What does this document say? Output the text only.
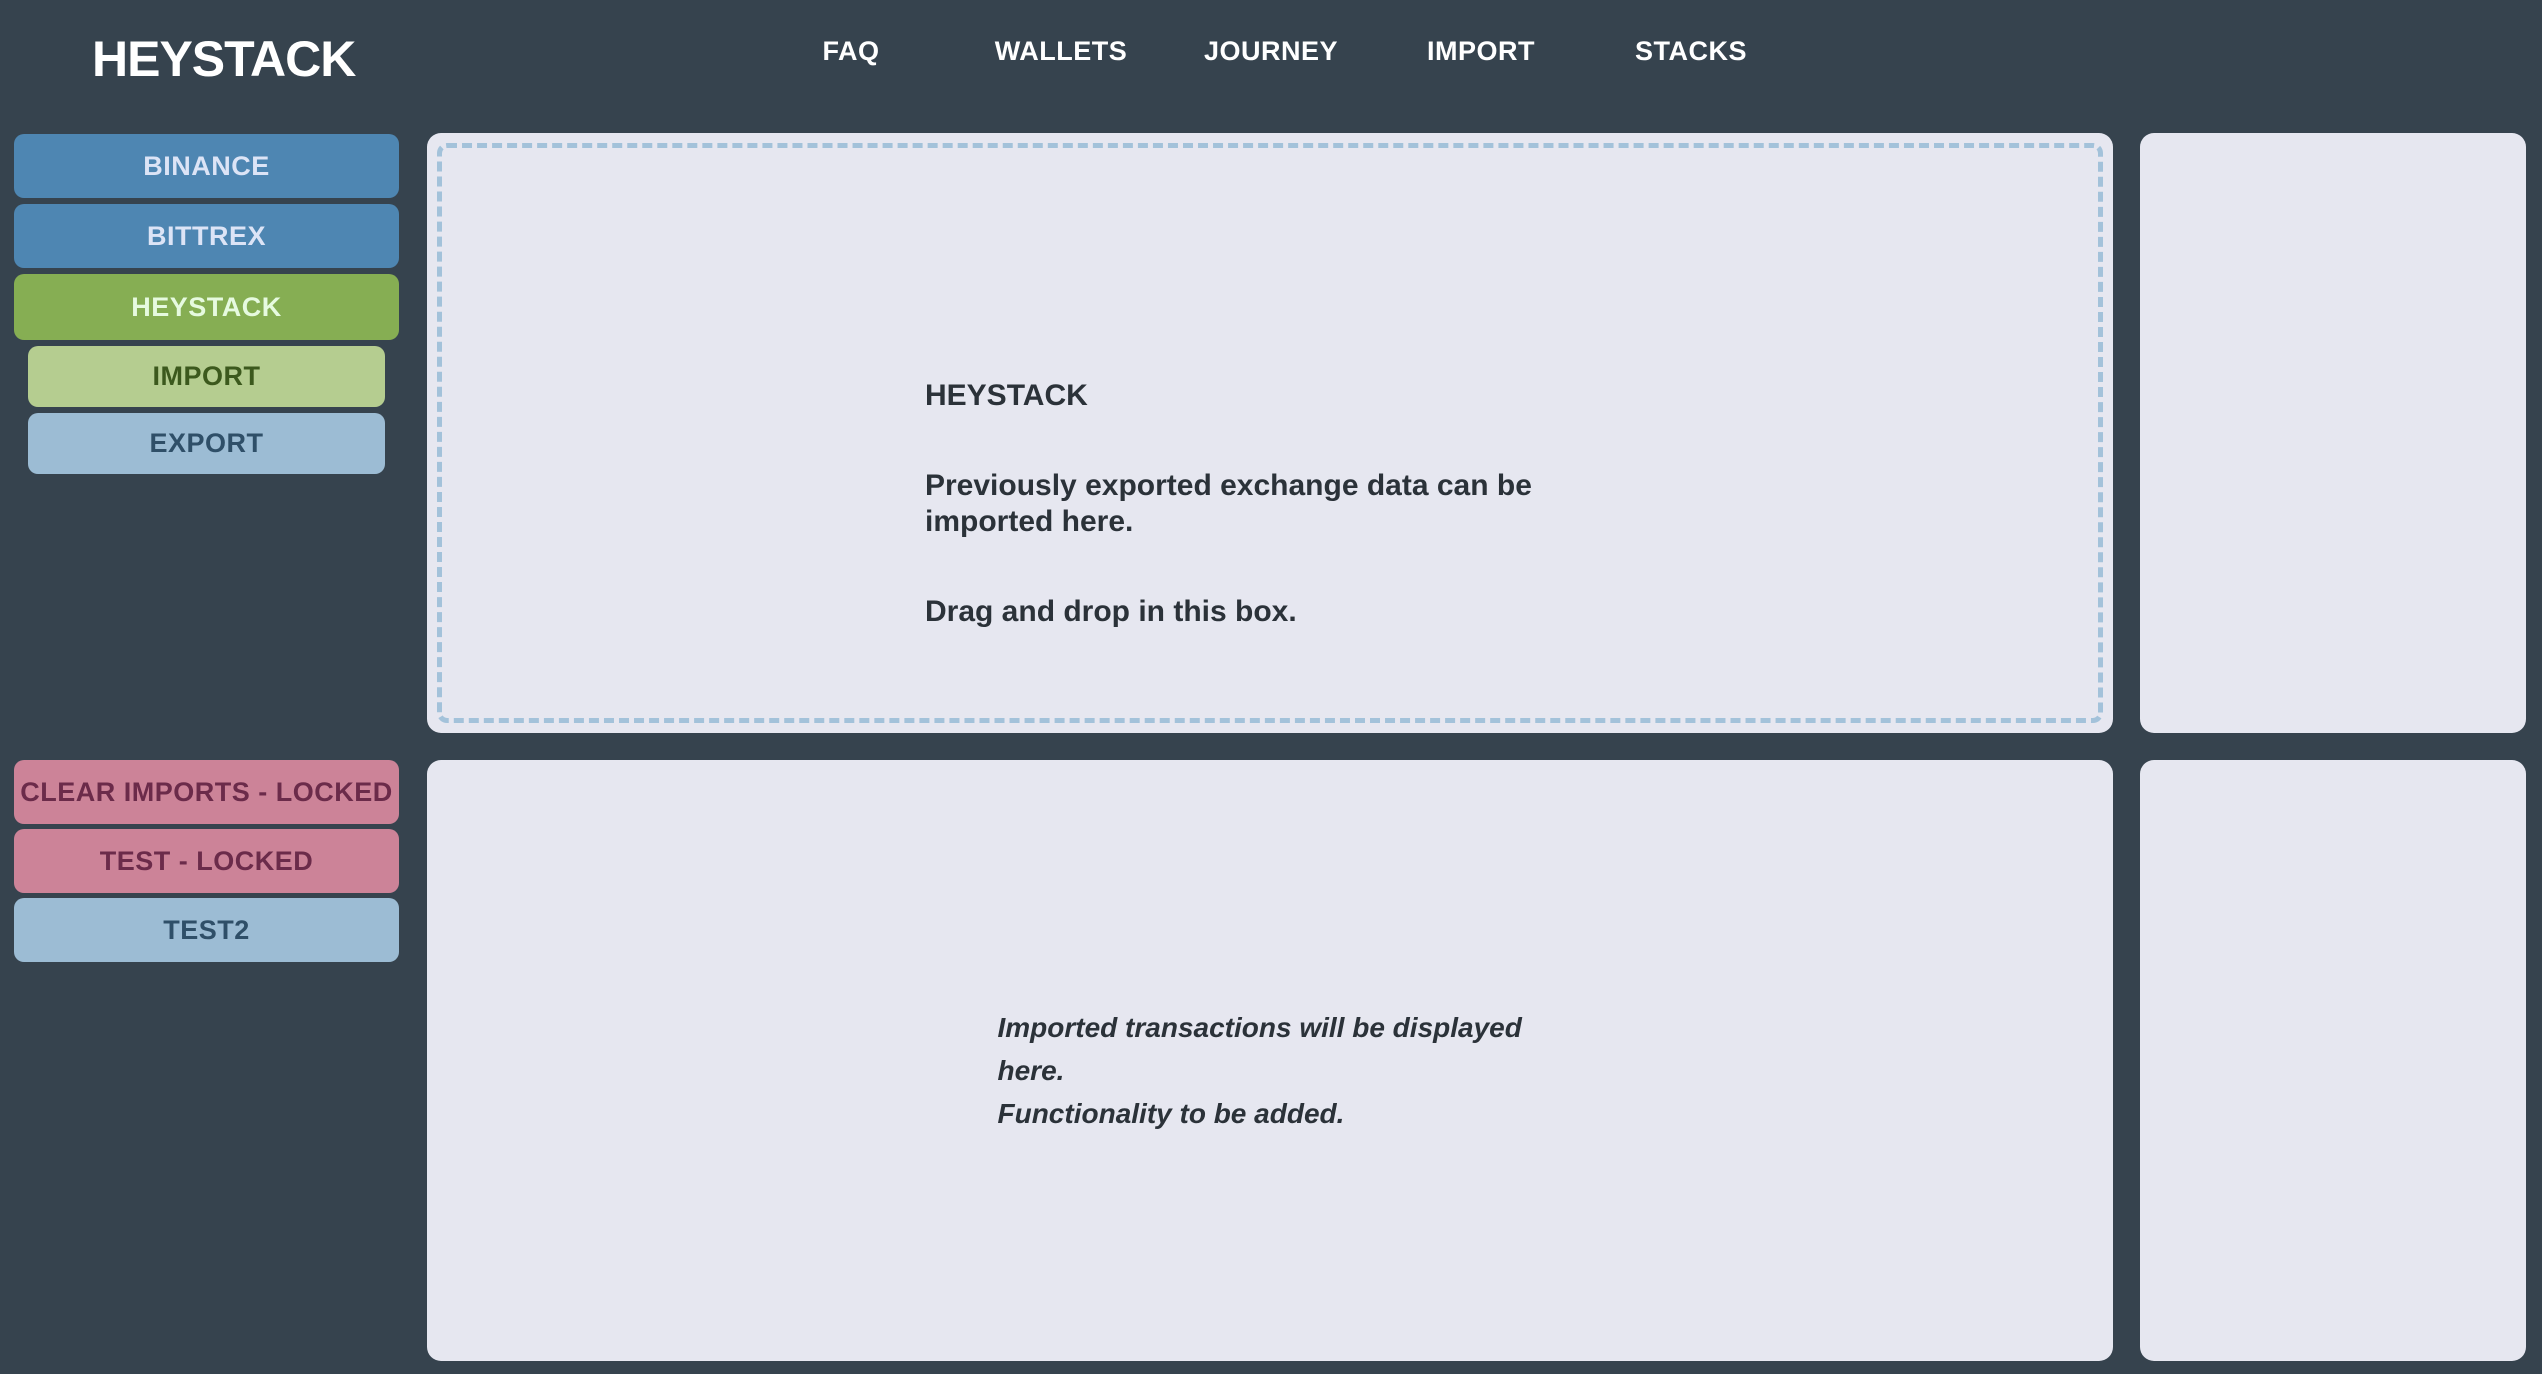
HEYSTACK	FAQ	WALLETS	JOURNEY	IMPORT	STACKS
BINANCE
BITTREX
HEYSTACK
IMPORT
EXPORT
CLEAR IMPORTS - LOCKED
TEST - LOCKED
TEST2

HEYSTACK

Previously exported exchange data can be imported here.

Drag and drop in this box.

Imported transactions will be displayed here.
Functionality to be added.
